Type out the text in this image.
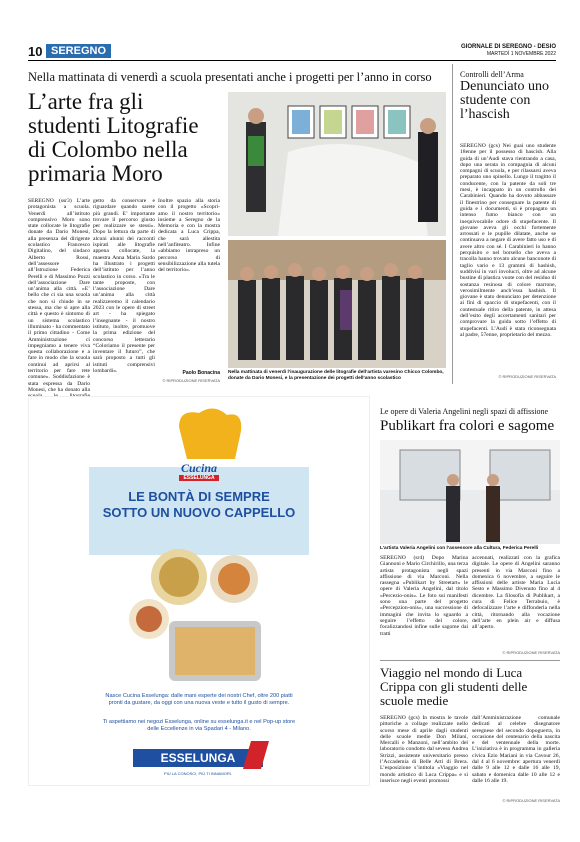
10 SEREGNO	GIORNALE DI SEREGNO - DESIO
MARTEDÌ 1 NOVEMBRE 2022
Nella mattinata di venerdì a scuola presentati anche i progetti per l’anno in corso
L’arte fra gli studenti Litografie di Colombo nella primaria Moro
SEREGNO (ssr3) L’arte protagonista a scuola. Venerdì all’istituto comprensivo Moro sono state collocate le litografie donate da Dario Monesi, alla presenza del dirigente scolastico Francesco Digitalino, del sindaco Alberto Rossi, dell’assessore all’Istruzione Federica Perelli e di Massimo Pozzi dell’associazione Dare un’anima alla città. «E’ bello che ci sia una scuola che non si chiude in se stessa, ma che si apre alla città e questo è sintomo di un sistema scolastico illuminato - ha commentato il primo cittadino - Come Amministrazione ci impegniamo a tenere viva questa collaborazione e a fare in modo che la scuola continui ad aprirsi al territorio per fare rete comune». Soddisfazione è stata espressa da Dario Monesi, che ha donato alla
getto da conservare e riguardare quando sarete più grandi. E’ importante trovare il percorso giusto per realizzare se stessi». Dopo la lettura da parte di alcuni alunni dei racconti ispirati alle litografie appena collocate, la maestra Anna Maria Sardo ha illustrato i progetti dell’istituto per l’anno scolastico in corso. «Tra le tante proposte, con l’associazione Dare un’anima alla città realizzeremo il calendario 2023 con le opere di street art - ha spiegato l’insegnante - il nostro istituto, inoltre, promuove la prima edizione del concorso letterario “Coloriamo il presente per inventare il futuro”, che sarà proposto a tutti gli istituti comprensivi lombardi».
Inoltre spazio alla storia con il progetto «Scopri-amo il nostro territorio» insieme a Seregno de la Memoria e con la mostra dedicata a Luca Crippa, che sarà allestita nell’anfiteatro. Infine «abbiamo intrapreso un percorso di sensibilizzazione alla tutela del territorio».
Paolo Bonacina
© RIPRODUZIONE RISERVATA
Nella mattinata di venerdì l’inaugurazione delle litografie dell’artista varesino Chicco Colombo, donate da Dario Monesi, e la presentazione dei progetti dell’anno scolastico
Controlli dell’Arma
Denunciato uno studente con l’hascish
SEREGNO (gcs) Nei guai uno studente 18enne per il possesso di hascish. Alla guida di un’Audi stava rientrando a casa, dopo una serata in compagnia di alcuni compagni di scuola, e per rilassarsi aveva preparato uno spinello. Lungo il tragitto il conducente, con la patente da soli tre mesi, è incappato in un controllo dei Carabinieri. Quando ha dovuto abbassare il finestrino per consegnare la patente di guida e i documenti, si è propagato un intenso fumo bianco con un inequivocabile odore di stupefacente. Il giovane aveva gli occhi fortemente arrossati e le pupille dilatate, anche se continuava a negare di avere fatto uso e di avere altro con sé. I Carabinieri lo hanno perquisito e nel borsello che aveva a tracolla hanno trovato alcune banconote di taglio vario e 13 grammi di hashish, suddivisi in vari involucri, oltre ad alcune bustine di plastica vuote con del residuo di sostanza resinosa di colore marrone, verosimilmente anch’essa hashish. Il giovane è stato denunciato per detenzione ai fini di spaccio di stupefacenti, con il contestuale ritiro della patente, in attesa dell’esito degli accertamenti sanitari per comprovare la guida sotto l’effetto di stupefacenti. L’Audi è stata riconsegnata al padre, 57enne, proprietario del mezzo.
© RIPRODUZIONE RISERVATA
Cucina
ESSELUNGA
LE BONTÀ DI SEMPRE
SOTTO UN NUOVO CAPPELLO
Nasce Cucina Esselunga: dalle mani esperte dei nostri Chef, oltre 200 piatti pronti da gustare, da oggi con una nuova veste e tutto il gusto di sempre.
Ti aspettiamo nei negozi Esselunga, online su esselunga.it e nel Pop-up store delle Eccellenze in via Spadari 4 - Milano.
ESSELUNGA
PIÙ LA CONOSCI, PIÙ TI INNAMORI.
Le opere di Valeria Angelini negli spazi di affissione
Publikart fra colori e sagome
L’artista Valeria Angelini con l’assessore alla Cultura, Federica Perelli
SEREGNO (sr4) Dopo Marina Giannoni e Mario Circhirillo, una terza artista protagonista negli spazi affissione di via Marconi. Nella rassegna «Publikart by Streetart» le opere di Valeria Angelini, dal titolo «Percezio-onis». Le foto sui manifesti sono una parte del progetto «Percepzion-onis», una successione di immagini che invita lo sguardo a seguire l’effetto del colore, focalizzandosi infine sulle sagome dai tratti
accennati, realizzati con la grafica digitale. Le opere di Angelini saranno presenti in via Marconi fino a domenica 6 novembre, a seguire le affissioni delle artiste Maria Lucia Sesto e Massimo Divenuto fino al 4 dicembre. La filosofia di Publikart, a cura di Felice Terrabuio, è defocalizzare l’arte e diffonderla nella città, ritornando alla vocazione dell’arte en plein air e diffusa all’aperto.
© RIPRODUZIONE RISERVATA
Viaggio nel mondo di Luca Crippa con gli studenti delle scuole medie
SEREGNO (gcs) In mostra le tavole pittoriche a collage realizzate nello scorso mese di aprile dagli studenti delle scuole medie Don Milani, Mercalli e Manzoni, nell’ambito del laboratorio condotto dal seveso Andrea Strizzi, assistente universitario presso l’Accademia di Belle Arti di Brera. L’esposizione s’intitola «Viaggio nel mondo artistico di Luca Crippa» e si inserisce negli eventi promossi
dall’Amministrazione comunale dedicati al celebre disegnatore seregnese del secondo dopoguerra, in occasione del centenario della nascita e del ventennale della morte. L’iniziativa è in programma in galleria civica Ezio Mariani in via Cavour 26, dal 4 al 6 novembre: apertura venerdì dalle 9 alle 12 e dalle 16 alle 19, sabato e domenica dalle 10 alle 12 e dalle 16 alle 19.
© RIPRODUZIONE RISERVATA
